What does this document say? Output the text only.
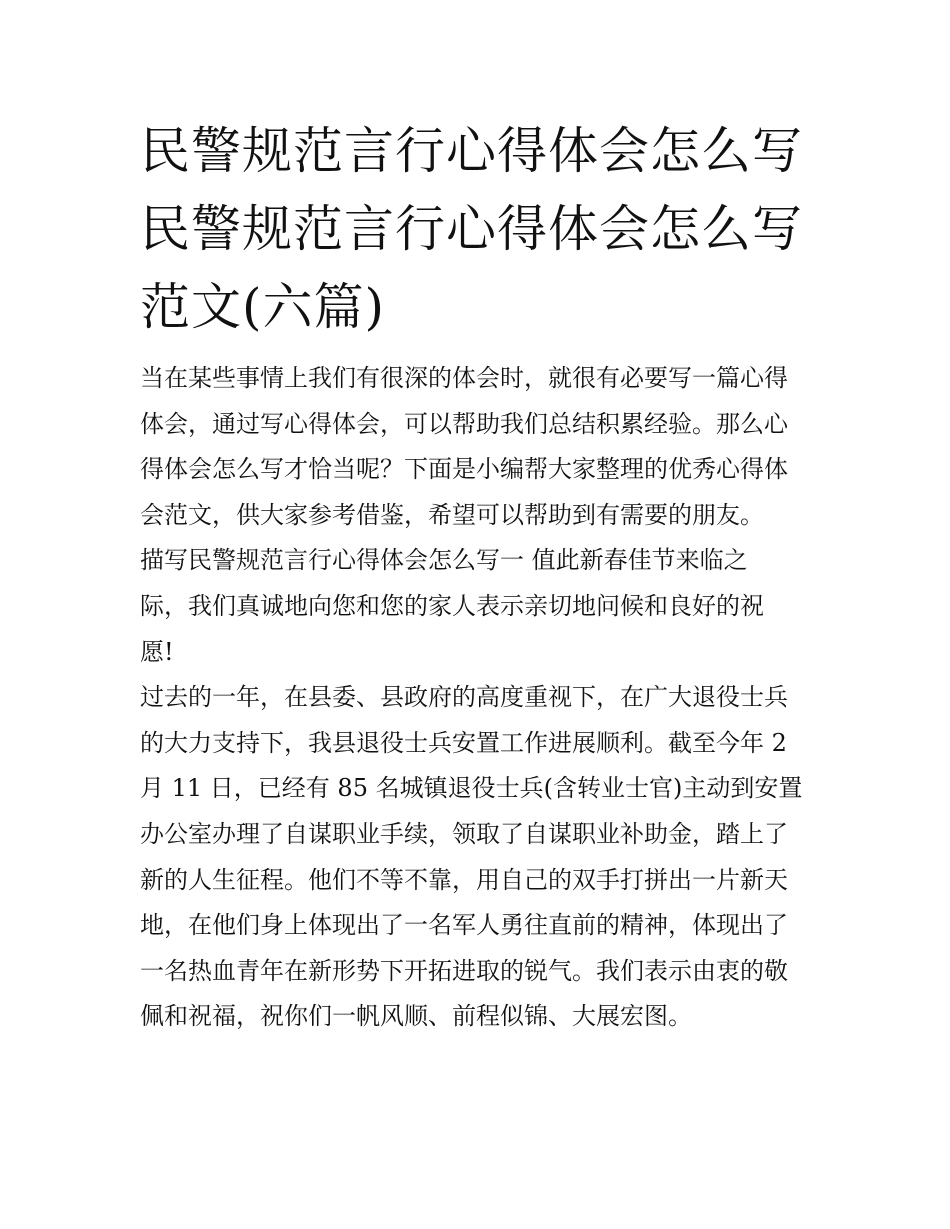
民警规范言行心得体会怎么写
民警规范言行心得体会怎么写
范文(六篇)
当在某些事情上我们有很深的体会时，就很有必要写一篇心得
体会，通过写心得体会，可以帮助我们总结积累经验。那么心
得体会怎么写才恰当呢？下面是小编帮大家整理的优秀心得体
会范文，供大家参考借鉴，希望可以帮助到有需要的朋友。
描写民警规范言行心得体会怎么写一 值此新春佳节来临之
际，我们真诚地向您和您的家人表示亲切地问候和良好的祝
愿!
过去的一年，在县委、县政府的高度重视下，在广大退役士兵
的大力支持下，我县退役士兵安置工作进展顺利。截至今年 2
月 11 日，已经有 85 名城镇退役士兵(含转业士官)主动到安置
办公室办理了自谋职业手续，领取了自谋职业补助金，踏上了
新的人生征程。他们不等不靠，用自己的双手打拼出一片新天
地，在他们身上体现出了一名军人勇往直前的精神，体现出了
一名热血青年在新形势下开拓进取的锐气。我们表示由衷的敬
佩和祝福，祝你们一帆风顺、前程似锦、大展宏图。
